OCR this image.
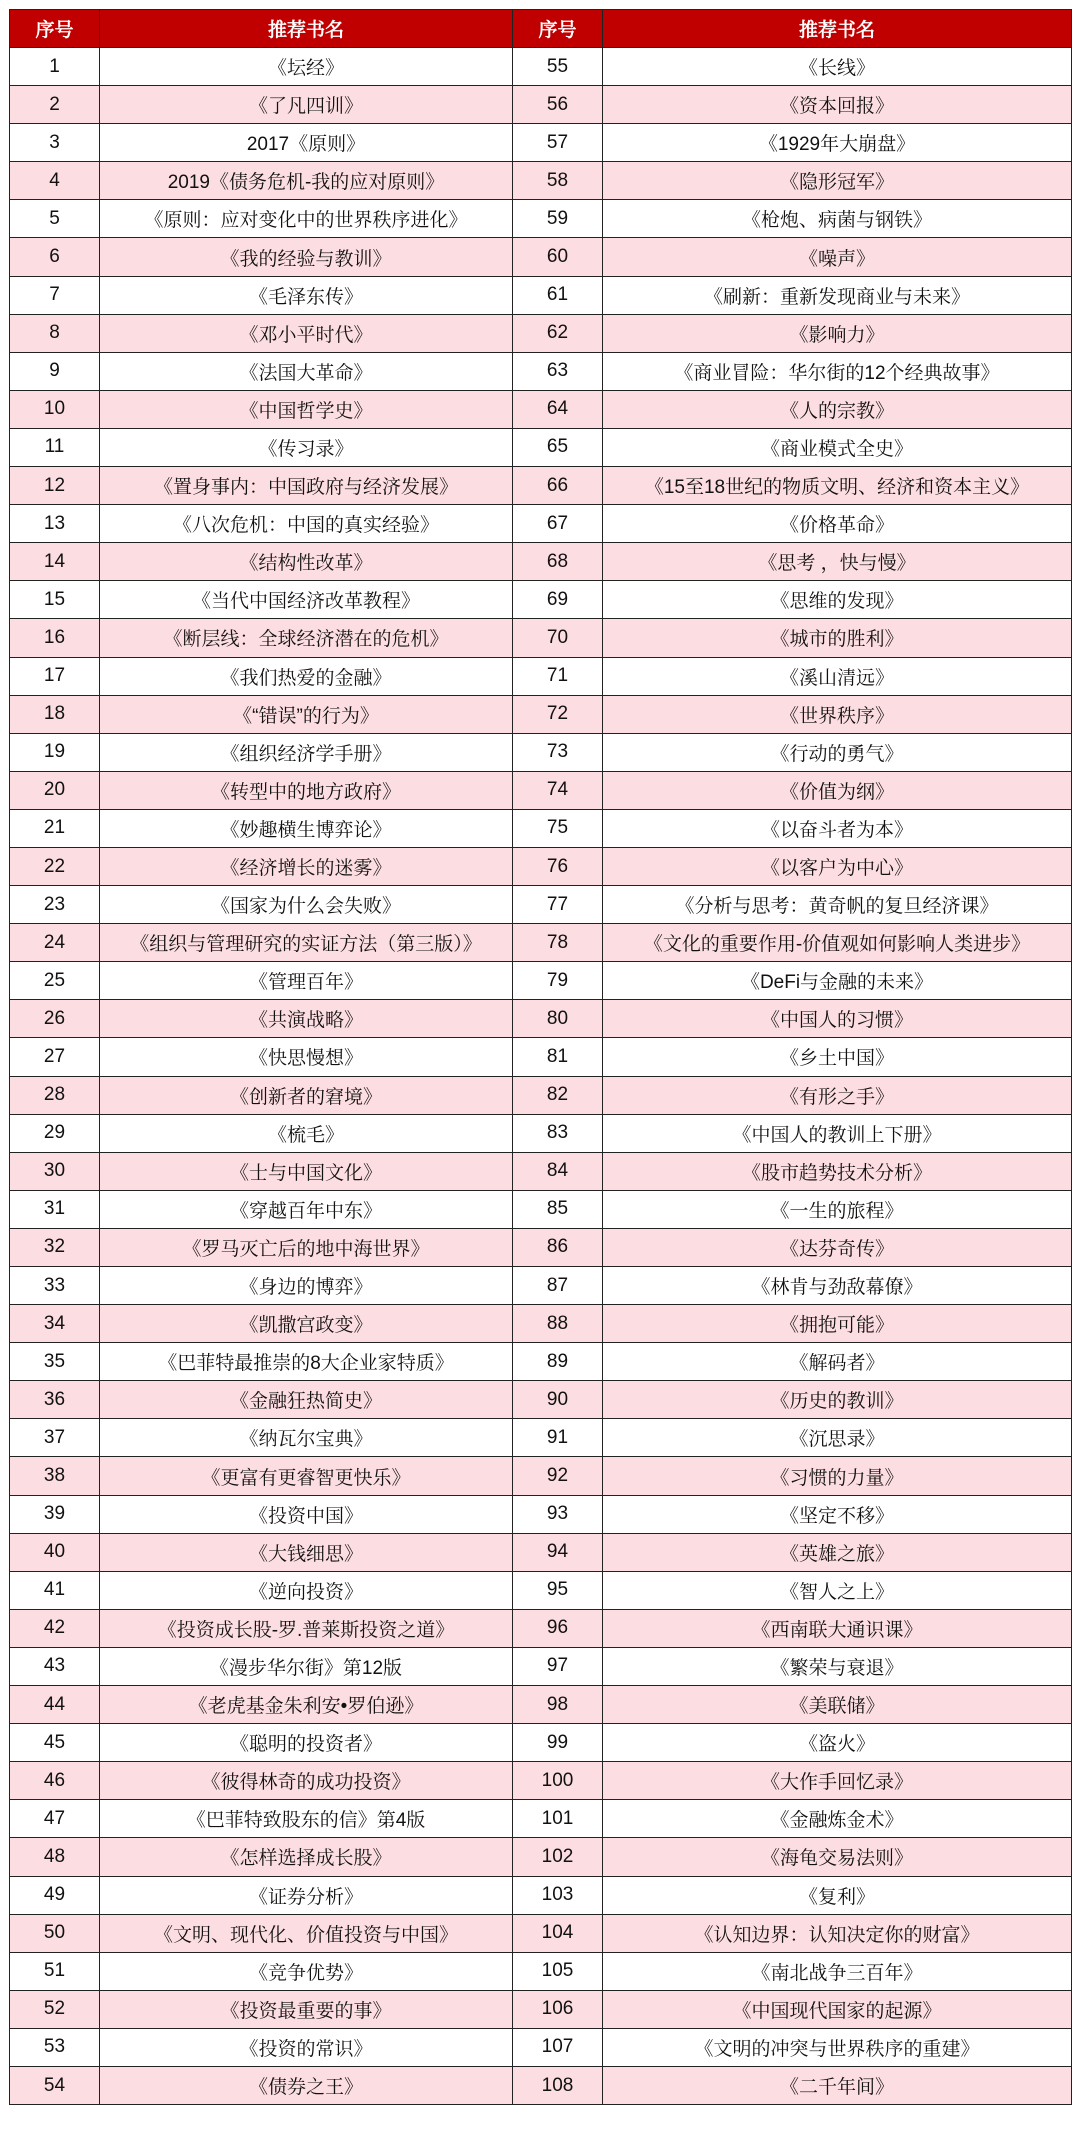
序号	推荐书名	序号	推荐书名
1	《坛经》	55	《长线》
2	《了凡四训》	56	《资本回报》
3	2017《原则》	57	《1929年大崩盘》
4	2019《债务危机-我的应对原则》	58	《隐形冠军》
5	《原则：应对变化中的世界秩序进化》	59	《枪炮、病菌与钢铁》
6	《我的经验与教训》	60	《噪声》
7	《毛泽东传》	61	《刷新：重新发现商业与未来》
8	《邓小平时代》	62	《影响力》
9	《法国大革命》	63	《商业冒险：华尔街的12个经典故事》
10	《中国哲学史》	64	《人的宗教》
11	《传习录》	65	《商业模式全史》
12	《置身事内：中国政府与经济发展》	66	《15至18世纪的物质文明、经济和资本主义》
13	《八次危机：中国的真实经验》	67	《价格革命》
14	《结构性改革》	68	《思考 ，快与慢》
15	《当代中国经济改革教程》	69	《思维的发现》
16	《断层线：全球经济潜在的危机》	70	《城市的胜利》
17	《我们热爱的金融》	71	《溪山清远》
18	《“错误”的行为》	72	《世界秩序》
19	《组织经济学手册》	73	《行动的勇气》
20	《转型中的地方政府》	74	《价值为纲》
21	《妙趣横生博弈论》	75	《以奋斗者为本》
22	《经济增长的迷雾》	76	《以客户为中心》
23	《国家为什么会失败》	77	《分析与思考：黄奇帆的复旦经济课》
24	《组织与管理研究的实证方法（第三版）》	78	《文化的重要作用-价值观如何影响人类进步》
25	《管理百年》	79	《DeFi与金融的未来》
26	《共演战略》	80	《中国人的习惯》
27	《快思慢想》	81	《乡土中国》
28	《创新者的窘境》	82	《有形之手》
29	《梳毛》	83	《中国人的教训上下册》
30	《士与中国文化》	84	《股市趋势技术分析》
31	《穿越百年中东》	85	《一生的旅程》
32	《罗马灭亡后的地中海世界》	86	《达芬奇传》
33	《身边的博弈》	87	《林肯与劲敌幕僚》
34	《凯撒宫政变》	88	《拥抱可能》
35	《巴菲特最推崇的8大企业家特质》	89	《解码者》
36	《金融狂热简史》	90	《历史的教训》
37	《纳瓦尔宝典》	91	《沉思录》
38	《更富有更睿智更快乐》	92	《习惯的力量》
39	《投资中国》	93	《坚定不移》
40	《大钱细思》	94	《英雄之旅》
41	《逆向投资》	95	《智人之上》
42	《投资成长股-罗.普莱斯投资之道》	96	《西南联大通识课》
43	《漫步华尔街》第12版	97	《繁荣与衰退》
44	《老虎基金朱利安•罗伯逊》	98	《美联储》
45	《聪明的投资者》	99	《盗火》
46	《彼得林奇的成功投资》	100	《大作手回忆录》
47	《巴菲特致股东的信》第4版	101	《金融炼金术》
48	《怎样选择成长股》	102	《海龟交易法则》
49	《证券分析》	103	《复利》
50	《文明、现代化、价值投资与中国》	104	《认知边界：认知决定你的财富》
51	《竞争优势》	105	《南北战争三百年》
52	《投资最重要的事》	106	《中国现代国家的起源》
53	《投资的常识》	107	《文明的冲突与世界秩序的重建》
54	《债券之王》	108	《二千年间》
